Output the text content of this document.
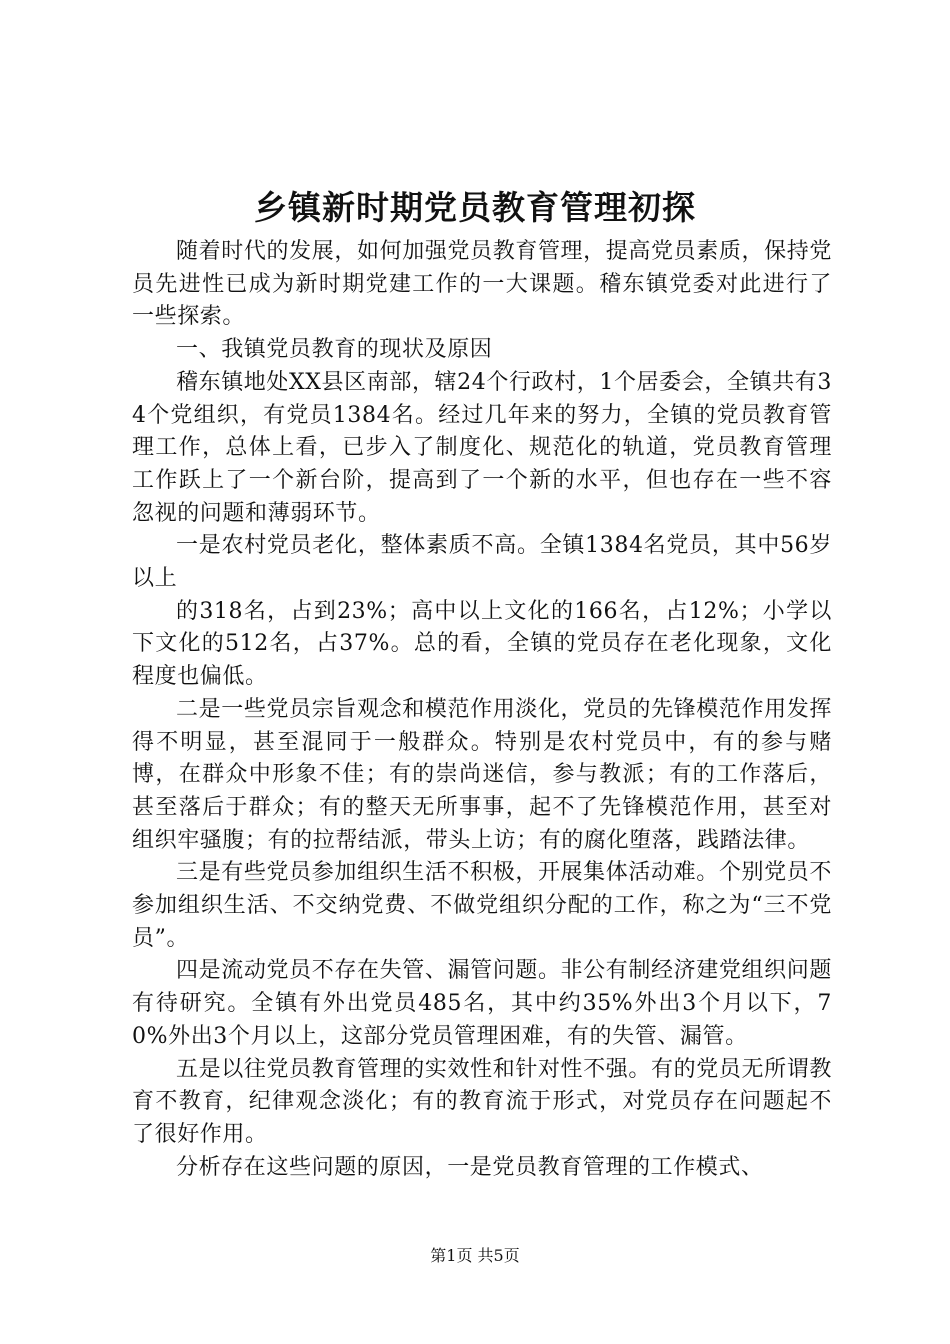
乡镇新时期党员教育管理初探

随着时代的发展，如何加强党员教育管理，提高党员素质，保持党员先进性已成为新时期党建工作的一大课题。稽东镇党委对此进行了一些探索。

一、我镇党员教育的现状及原因

稽东镇地处XX县区南部，辖24个行政村，1个居委会，全镇共有34个党组织，有党员1384名。经过几年来的努力，全镇的党员教育管理工作，总体上看，已步入了制度化、规范化的轨道，党员教育管理工作跃上了一个新台阶，提高到了一个新的水平，但也存在一些不容忽视的问题和薄弱环节。

一是农村党员老化，整体素质不高。全镇1384名党员，其中56岁以上

的318名，占到23%；高中以上文化的166名，占12%；小学以下文化的512名，占37%。总的看，全镇的党员存在老化现象，文化程度也偏低。

二是一些党员宗旨观念和模范作用淡化，党员的先锋模范作用发挥得不明显，甚至混同于一般群众。特别是农村党员中，有的参与赌博，在群众中形象不佳；有的崇尚迷信，参与教派；有的工作落后，甚至落后于群众；有的整天无所事事，起不了先锋模范作用，甚至对组织牢骚腹；有的拉帮结派，带头上访；有的腐化堕落，践踏法律。

三是有些党员参加组织生活不积极，开展集体活动难。个别党员不参加组织生活、不交纳党费、不做党组织分配的工作，称之为“三不党员”。

四是流动党员不存在失管、漏管问题。非公有制经济建党组织问题有待研究。全镇有外出党员485名，其中约35%外出3个月以下，70%外出3个月以上，这部分党员管理困难，有的失管、漏管。

五是以往党员教育管理的实效性和针对性不强。有的党员无所谓教育不教育，纪律观念淡化；有的教育流于形式，对党员存在问题起不了很好作用。

分析存在这些问题的原因，一是党员教育管理的工作模式、

第1页 共5页
